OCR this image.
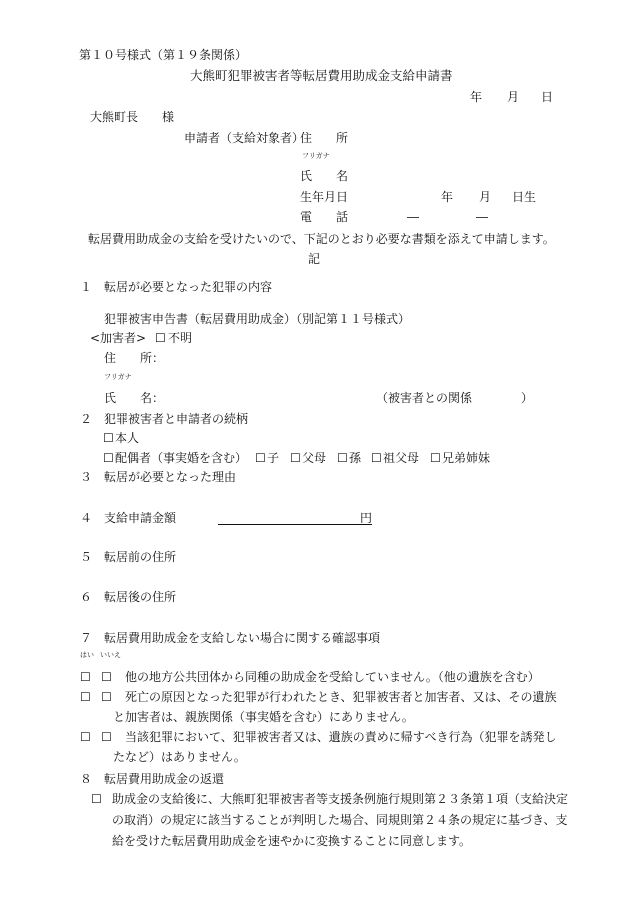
第１０号様式（第１９条関係）
大熊町犯罪被害者等転居費用助成金支給申請書
年 月 日
大熊町長　　様
申請者（支給対象者）
住　　所
フリガナ
氏　　名
生年月日	年 月 日生
電　　話	―	―
転居費用助成金の支給を受けたいので、下記のとおり必要な書類を添えて申請します。
記
１　転居が必要となった犯罪の内容
犯罪被害申告書（転居費用助成金）（別記第１１号様式）
<加害者> ☐ 不明
住　　所：
フリガナ
氏　　名：	（被害者との関係	）
２　犯罪被害者と申請者の続柄
☐ 本人
☐ 配偶者（事実婚を含む） ☐ 子 ☐ 父母 ☐ 孫 ☐ 祖父母 ☐ 兄弟姉妹
３　転居が必要となった理由
４　支給申請金額	円
５　転居前の住所
６　転居後の住所
７　転居費用助成金を支給しない場合に関する確認事項
はい いいえ
☐ ☐ 他の地方公共団体から同種の助成金を受給していません。（他の遺族を含む）
☐ ☐ 死亡の原因となった犯罪が行われたとき、犯罪被害者と加害者、又は、その遺族
と加害者は、親族関係（事実婚を含む）にありません。
☐ ☐ 当該犯罪において、犯罪被害者又は、遺族の責めに帰すべき行為（犯罪を誘発し
たなど）はありません。
８　転居費用助成金の返還
☐ 助成金の支給後に、大熊町犯罪被害者等支援条例施行規則第２３条第１項（支給決定
の取消）の規定に該当することが判明した場合、同規則第２４条の規定に基づき、支
給を受けた転居費用助成金を速やかに変換することに同意します。
